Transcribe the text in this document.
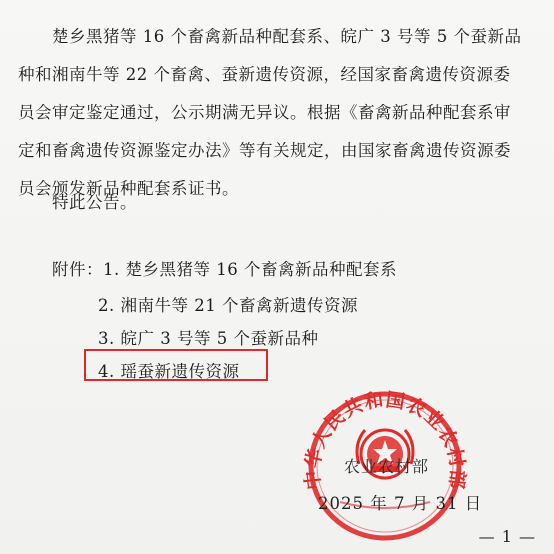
楚乡黑猪等 16 个畜禽新品种配套系、皖广 3 号等 5 个蚕新品
种和湘南牛等 22 个畜禽、蚕新遗传资源，经国家畜禽遗传资源委
员会审定鉴定通过，公示期满无异议。根据《畜禽新品种配套系审
定和畜禽遗传资源鉴定办法》等有关规定，由国家畜禽遗传资源委
员会颁发新品种配套系证书。
特此公告。
附件：1. 楚乡黑猪等 16 个畜禽新品种配套系
2. 湘南牛等 21 个畜禽新遗传资源
3. 皖广 3 号等 5 个蚕新品种
4. 瑶蚕新遗传资源
中华人民共和国农业农村部
农业农村部
2025 年 7 月 31 日
— 1 —
